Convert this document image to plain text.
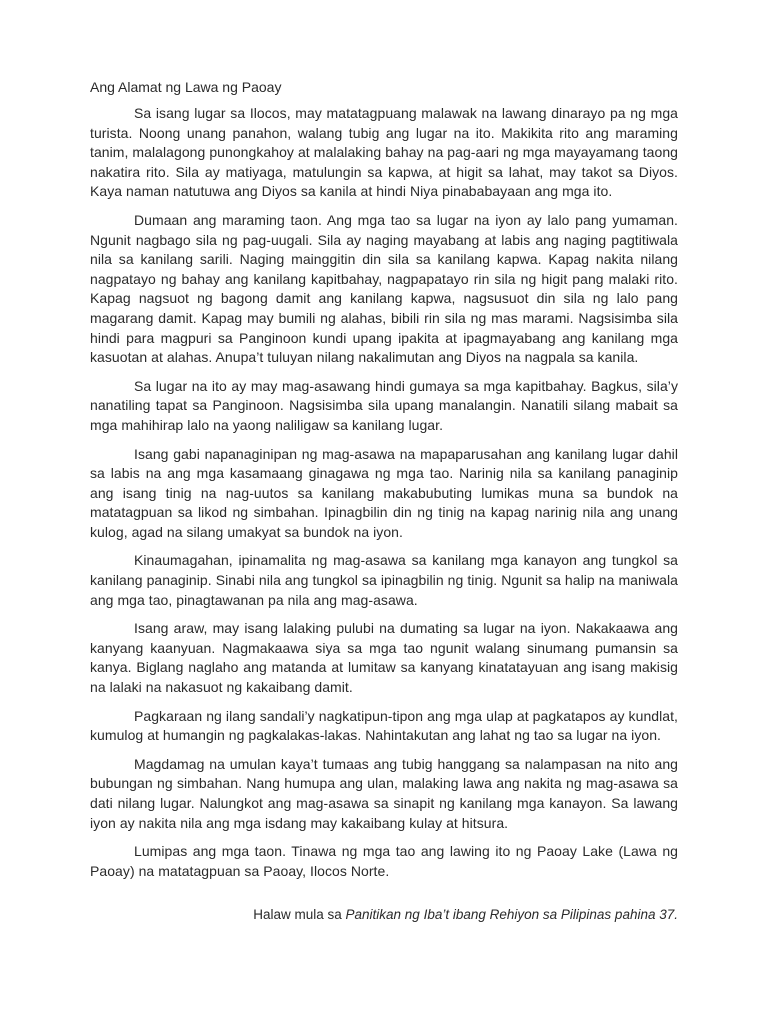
Ang Alamat ng Lawa ng Paoay

Sa isang lugar sa Ilocos, may matatagpuang malawak na lawang dinarayo pa ng mga turista. Noong unang panahon, walang tubig ang lugar na ito. Makikita rito ang maraming tanim, malalagong punongkahoy at malalaking bahay na pag-aari ng mga mayayamang taong nakatira rito. Sila ay matiyaga, matulungin sa kapwa, at higit sa lahat, may takot sa Diyos. Kaya naman natutuwa ang Diyos sa kanila at hindi Niya pinababayaan ang mga ito.

Dumaan ang maraming taon. Ang mga tao sa lugar na iyon ay lalo pang yumaman. Ngunit nagbago sila ng pag-uugali. Sila ay naging mayabang at labis ang naging pagtitiwala nila sa kanilang sarili. Naging mainggitin din sila sa kanilang kapwa. Kapag nakita nilang nagpatayo ng bahay ang kanilang kapitbahay, nagpapatayo rin sila ng higit pang malaki rito. Kapag nagsuot ng bagong damit ang kanilang kapwa, nagsusuot din sila ng lalo pang magarang damit. Kapag may bumili ng alahas, bibili rin sila ng mas marami. Nagsisimba sila hindi para magpuri sa Panginoon kundi upang ipakita at ipagmayabang ang kanilang mga kasuotan at alahas. Anupa’t tuluyan nilang nakalimutan ang Diyos na nagpala sa kanila.

Sa lugar na ito ay may mag-asawang hindi gumaya sa mga kapitbahay. Bagkus, sila’y nanatiling tapat sa Panginoon. Nagsisimba sila upang manalangin. Nanatili silang mabait sa mga mahihirap lalo na yaong naliligaw sa kanilang lugar.

Isang gabi napanaginipan ng mag-asawa na mapaparusahan ang kanilang lugar dahil sa labis na ang mga kasamaang ginagawa ng mga tao. Narinig nila sa kanilang panaginip ang isang tinig na nag-uutos sa kanilang makabubuting lumikas muna sa bundok na matatagpuan sa likod ng simbahan. Ipinagbilin din ng tinig na kapag narinig nila ang unang kulog, agad na silang umakyat sa bundok na iyon.

Kinaumagahan, ipinamalita ng mag-asawa sa kanilang mga kanayon ang tungkol sa kanilang panaginip. Sinabi nila ang tungkol sa ipinagbilin ng tinig. Ngunit sa halip na maniwala ang mga tao, pinagtawanan pa nila ang mag-asawa.

Isang araw, may isang lalaking pulubi na dumating sa lugar na iyon. Nakakaawa ang kanyang kaanyuan. Nagmakaawa siya sa mga tao ngunit walang sinumang pumansin sa kanya. Biglang naglaho ang matanda at lumitaw sa kanyang kinatatayuan ang isang makisig na lalaki na nakasuot ng kakaibang damit.

Pagkaraan ng ilang sandali’y nagkatipun-tipon ang mga ulap at pagkatapos ay kundlat, kumulog at humangin ng pagkalakas-lakas. Nahintakutan ang lahat ng tao sa lugar na iyon.

Magdamag na umulan kaya’t tumaas ang tubig hanggang sa nalampasan na nito ang bubungan ng simbahan. Nang humupa ang ulan, malaking lawa ang nakita ng mag-asawa sa dati nilang lugar. Nalungkot ang mag-asawa sa sinapit ng kanilang mga kanayon. Sa lawang iyon ay nakita nila ang mga isdang may kakaibang kulay at hitsura.

Lumipas ang mga taon. Tinawa ng mga tao ang lawing ito ng Paoay Lake (Lawa ng Paoay) na matatagpuan sa Paoay, Ilocos Norte.

Halaw mula sa Panitikan ng Iba’t ibang Rehiyon sa Pilipinas pahina 37.
